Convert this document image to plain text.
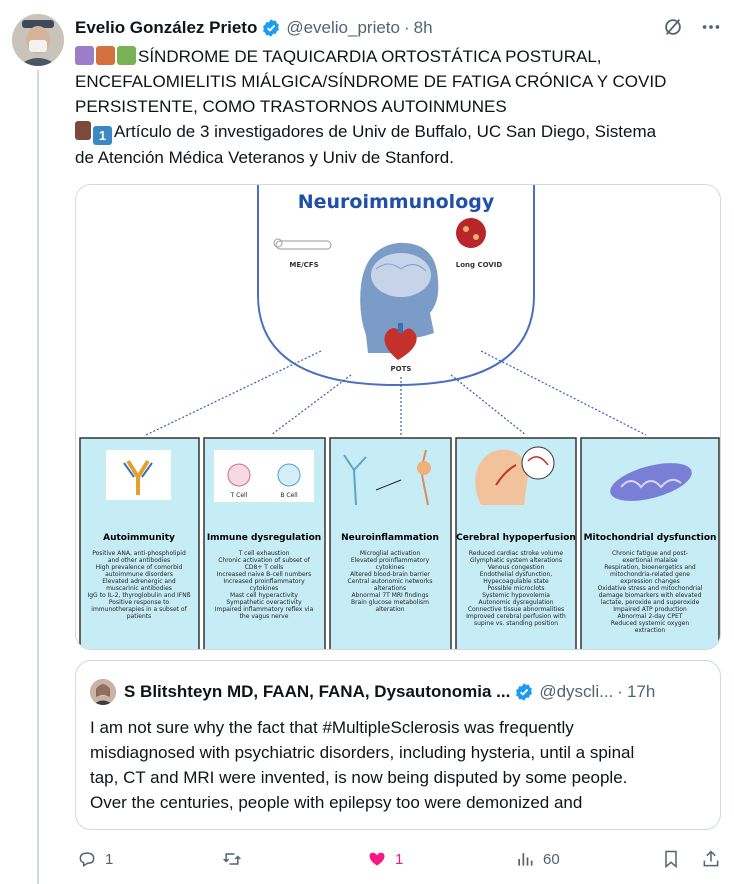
Evelio González Prieto @evelio_prieto · 8h
SÍNDROME DE TAQUICARDIA ORTOSTÁTICA POSTURAL,
ENCEFALOMIELITIS MIÁLGICA/SÍNDROME DE FATIGA CRÓNICA Y COVID
PERSISTENTE, COMO TRASTORNOS AUTOINMUNES
1 Artículo de 3 investigadores de Univ de Buffalo, UC San Diego, Sistema
de Atención Médica Veteranos y Univ de Stanford.
Neuroimmunology
ME/CFS	Long COVID
POTS
Autoimmunity
Positive ANA, anti-phospholipid
and other antibodies
High prevalence of comorbid
autoimmune disorders
Elevated adrenergic and
muscarinic antibodies
IgG to IL-2, thyroglobulin and IFNß
Positive response to
immunotherapies in a subset of
patients
T Cell	B Cell
Immune dysregulation
T cell exhaustion
Chronic activation of subset of
CD8+ T cells
Increased naive B-cell numbers
Increased proinflammatory
cytokines
Mast cell hyperactivity
Sympathetic overactivity
Impaired inflammatory reflex via
the vagus nerve
Neuroinflammation
Microglial activation
Elevated proinflammatory
cytokines
Altered blood-brain barrier
Central autonomic networks
alterations
Abnormal 7T MRI findings
Brain glucose metabolism
alteration
Cerebral hypoperfusion
Reduced cardiac stroke volume
Glymphatic system alterations
Venous congestion
Endothelial dysfunction,
Hypecoagulable state
Possible microclots
Systemic hypovolemia
Autonomic dysregulation
Connective tissue abnormalities
Improved cerebral perfusion with
supine vs. standing position
Mitochondrial dysfunction
Chronic fatigue and post-
exertional malaise
Respiration, bioenergetics and
mitochondria-related gene
expression changes
Oxidative stress and mitochondrial
damage biomarkers with elevated
lactate, peroxide and superoxide
Impaired ATP production
Abnormal 2-day CPET
Reduced systemic oxygen
extraction
S Blitshteyn MD, FAAN, FANA, Dysautonomia ... @dyscli... · 17h
I am not sure why the fact that #MultipleSclerosis was frequently
misdiagnosed with psychiatric disorders, including hysteria, until a spinal
tap, CT and MRI were invented, is now being disputed by some people.
Over the centuries, people with epilepsy too were demonized and
1	1	60
